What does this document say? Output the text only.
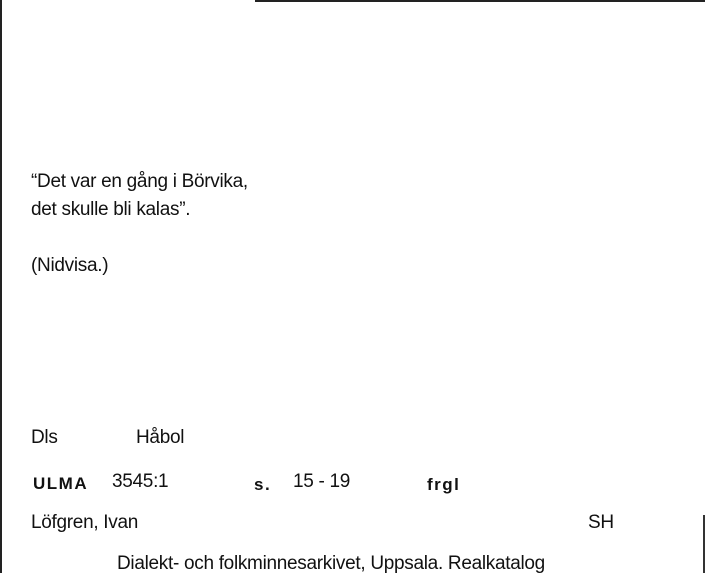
“Det var en gång i Börvika,
det skulle bli kalas”.
(Nidvisa.)
Dls	Håbol
ULMA 3545:1	s. 15 - 19	frgl
Löfgren, Ivan	SH
Dialekt- och folkminnesarkivet, Uppsala. Realkatalog
